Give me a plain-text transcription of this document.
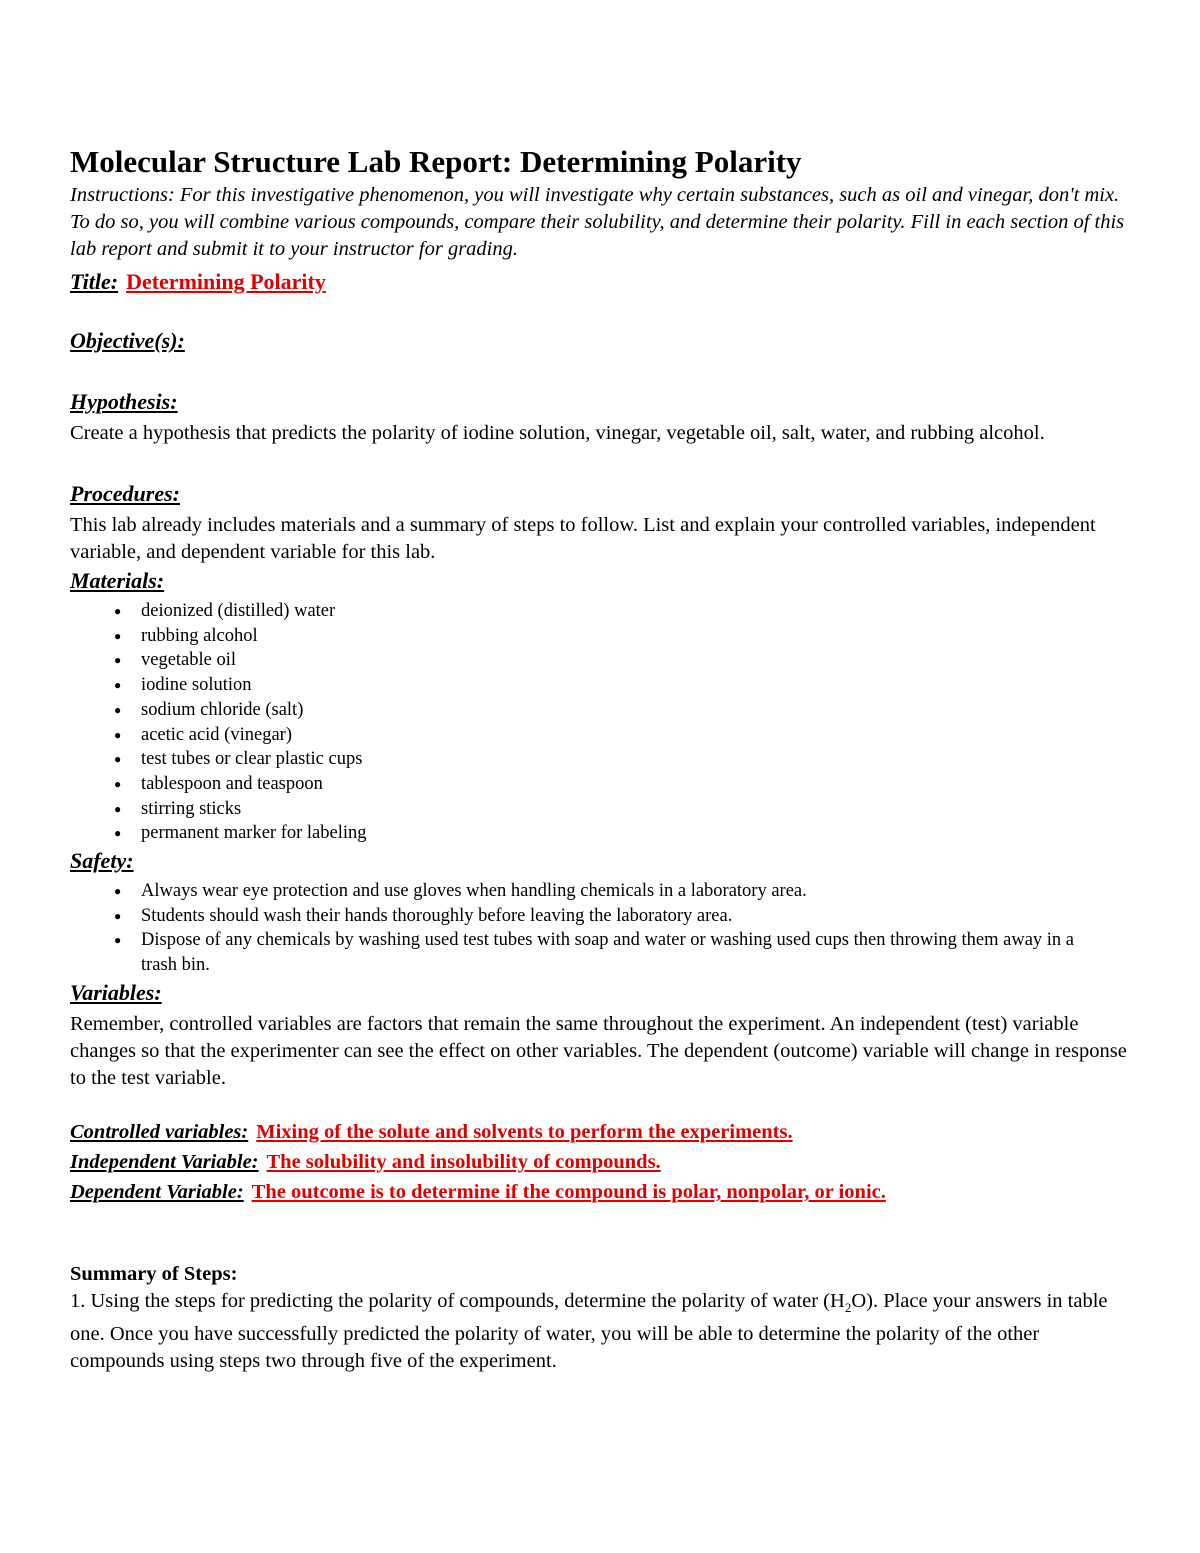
Molecular Structure Lab Report: Determining Polarity

Instructions: For this investigative phenomenon, you will investigate why certain substances, such as oil and vinegar, don't mix. To do so, you will combine various compounds, compare their solubility, and determine their polarity. Fill in each section of this lab report and submit it to your instructor for grading.

Title: Determining Polarity
Objective(s):
Hypothesis:

Create a hypothesis that predicts the polarity of iodine solution, vinegar, vegetable oil, salt, water, and rubbing alcohol.

Procedures:

This lab already includes materials and a summary of steps to follow. List and explain your controlled variables, independent variable, and dependent variable for this lab.

Materials:
● deionized (distilled) water
● rubbing alcohol
● vegetable oil
● iodine solution
● sodium chloride (salt)
● acetic acid (vinegar)
● test tubes or clear plastic cups
● tablespoon and teaspoon
● stirring sticks
● permanent marker for labeling
Safety:
● Always wear eye protection and use gloves when handling chemicals in a laboratory area.
● Students should wash their hands thoroughly before leaving the laboratory area.
● Dispose of any chemicals by washing used test tubes with soap and water or washing used cups then throwing them away in a trash bin.
Variables:

Remember, controlled variables are factors that remain the same throughout the experiment. An independent (test) variable changes so that the experimenter can see the effect on other variables. The dependent (outcome) variable will change in response to the test variable.

Controlled variables: Mixing of the solute and solvents to perform the experiments.
Independent Variable: The solubility and insolubility of compounds.
Dependent Variable: The outcome is to determine if the compound is polar, nonpolar, or ionic.

Summary of Steps:

1. Using the steps for predicting the polarity of compounds, determine the polarity of water $(H_2O)$. Place your answers in table one. Once you have successfully predicted the polarity of water, you will be able to determine the polarity of the other compounds using steps two through five of the experiment.
